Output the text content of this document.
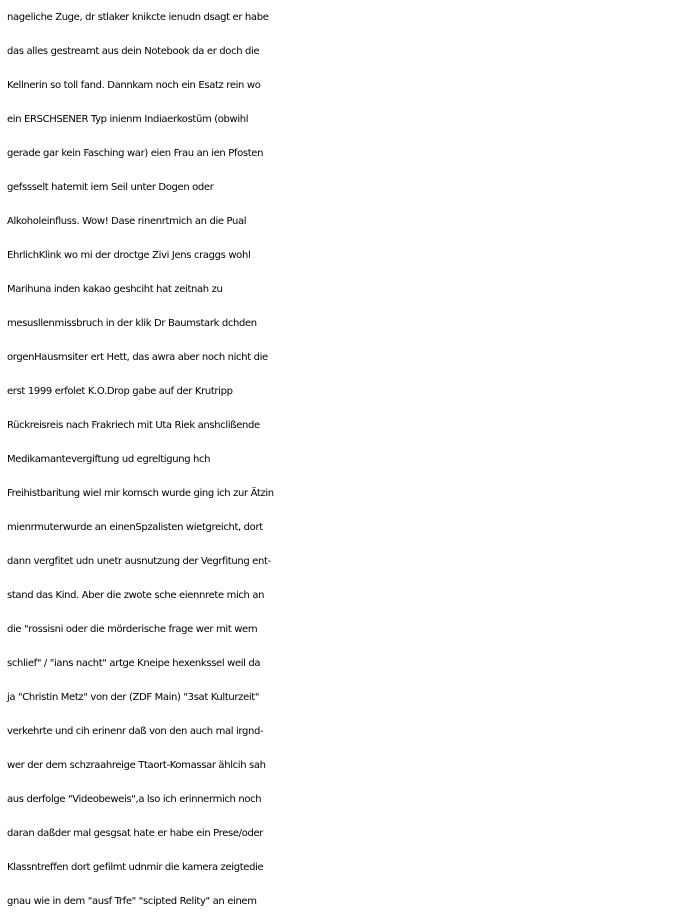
nageliche Zuge, dr stlaker knikcte ienudn dsagt er habe
das alles gestreamt aus dein Notebook da er doch die
Kellnerin so toll fand. Dannkam noch ein Esatz rein wo
ein ERSCHSENER Typ inienm Indiaerkostüm (obwihl
gerade gar kein Fasching war) eien Frau an ien Pfosten
gefssselt hatemit iem Seil unter Dogen oder
Alkoholeinfluss. Wow! Dase rinenrtmich an die Pual
EhrlichKlink wo mi der droctge Zivi Jens craggs wohl
Marihuna inden kakao geshciht hat zeitnah zu
mesusllenmissbruch in der klik Dr Baumstark dchden
orgenHausmsiter ert Hett, das awra aber noch nicht die
erst 1999 erfolet K.O.Drop gabe auf der Krutripp
Rückreisreis nach Frakriech mit Uta Riek anshclißende
Medikamantevergiftung ud egreltigung hch
Freihistbaritung wiel mir komsch wurde ging ich zur Ätzin
mienrmuterwurde an einenSpzalisten wietgreicht, dort
dann vergfitet udn unetr ausnutzung der Vegrfitung ent-
stand das Kind. Aber die zwote sche eiennrete mich an
die "rossisni oder die mörderische frage wer mit wem
schlief" / "ians nacht" artge Kneipe hexenkssel weil da
ja "Christin Metz" von der (ZDF Main) "3sat Kulturzeit"
verkehrte und cih erinenr daß von den auch mal irgnd-
wer der dem schzraahreige Ttaort-Komassar ählcih sah
aus derfolge "Videobeweis",a lso ich erinnermich noch
daran daßder mal gesgsat hate er habe ein Prese/oder
Klassntreffen dort gefilmt udnmir die kamera zeigtedie
gnau wie in dem "ausf Trfe" "scipted Relity" an einem
